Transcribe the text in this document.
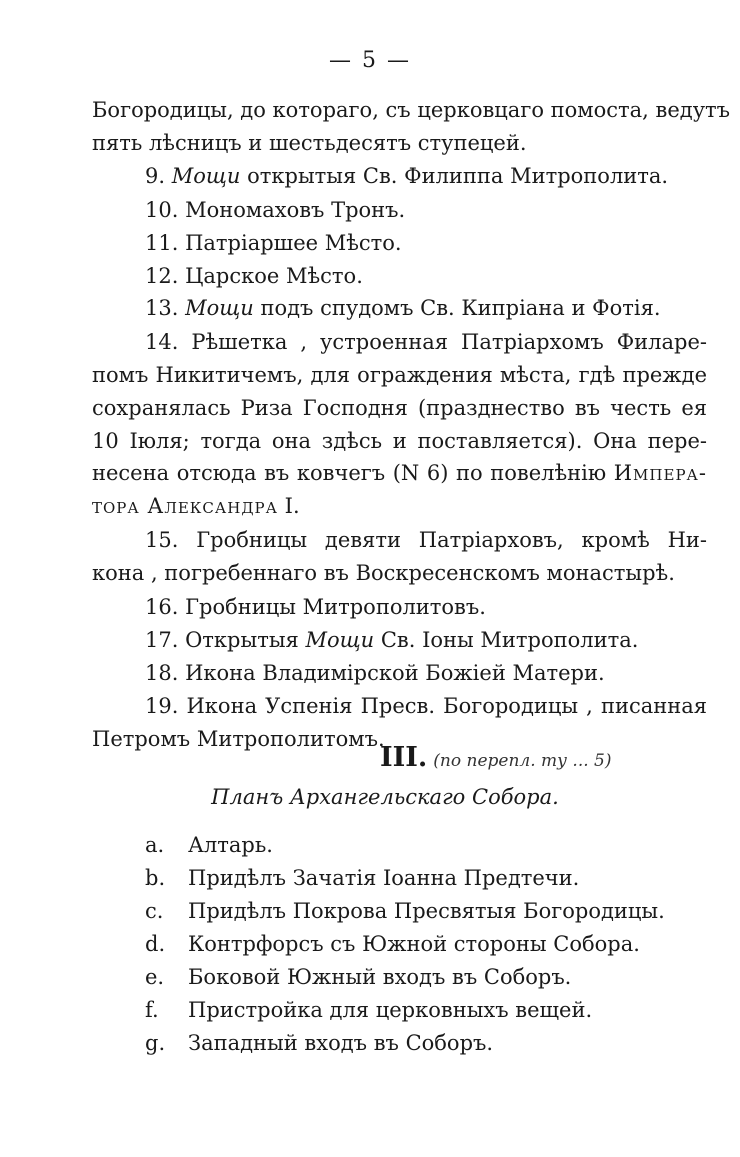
— 5 —
Богородицы, до котораго, съ церковцаго помоста, ведутъ
пять лѣсницъ и шестьдесятъ ступецей.
9. Мощи открытыя Св. Филиппа Митрополита.
10. Мономаховъ Тронъ.
11. Патріаршее Мѣсто.
12. Царское Мѣсто.
13. Мощи подъ спудомъ Св. Кипріана и Фотія.
14. Рѣшетка , устроенная Патріархомъ Филаре-
помъ Никитичемъ, для ограждения мѣста, гдѣ прежде
сохранялась Риза Господня (празднество въ честь ея
10 Іюля; тогда она здѣсь и поставляется). Она пере-
несена отсюда въ ковчегъ (N 6) по повелѣнію Импера-
тора Александра I.
15. Гробницы девяти Патріарховъ, кромѣ Ни-
кона , погребеннаго въ Воскресенскомъ монастырѣ.
16. Гробницы Митрополитовъ.
17. Открытыя Мощи Св. Іоны Митрополита.
18. Икона Владимірской Божіей Матери.
19. Икона Успенія Пресв. Богородицы , писанная
Петромъ Митрополитомъ.
III. (по перепл. ту ... 5)
Планъ Архангельскаго Собора.
a. Алтарь.
b. Придѣлъ Зачатія Іоанна Предтечи.
c. Придѣлъ Покрова Пресвятыя Богородицы.
d. Контрфорсъ съ Южной стороны Собора.
e. Боковой Южный входъ въ Соборъ.
f. Пристройка для церковныхъ вещей.
g. Западный входъ въ Соборъ.
